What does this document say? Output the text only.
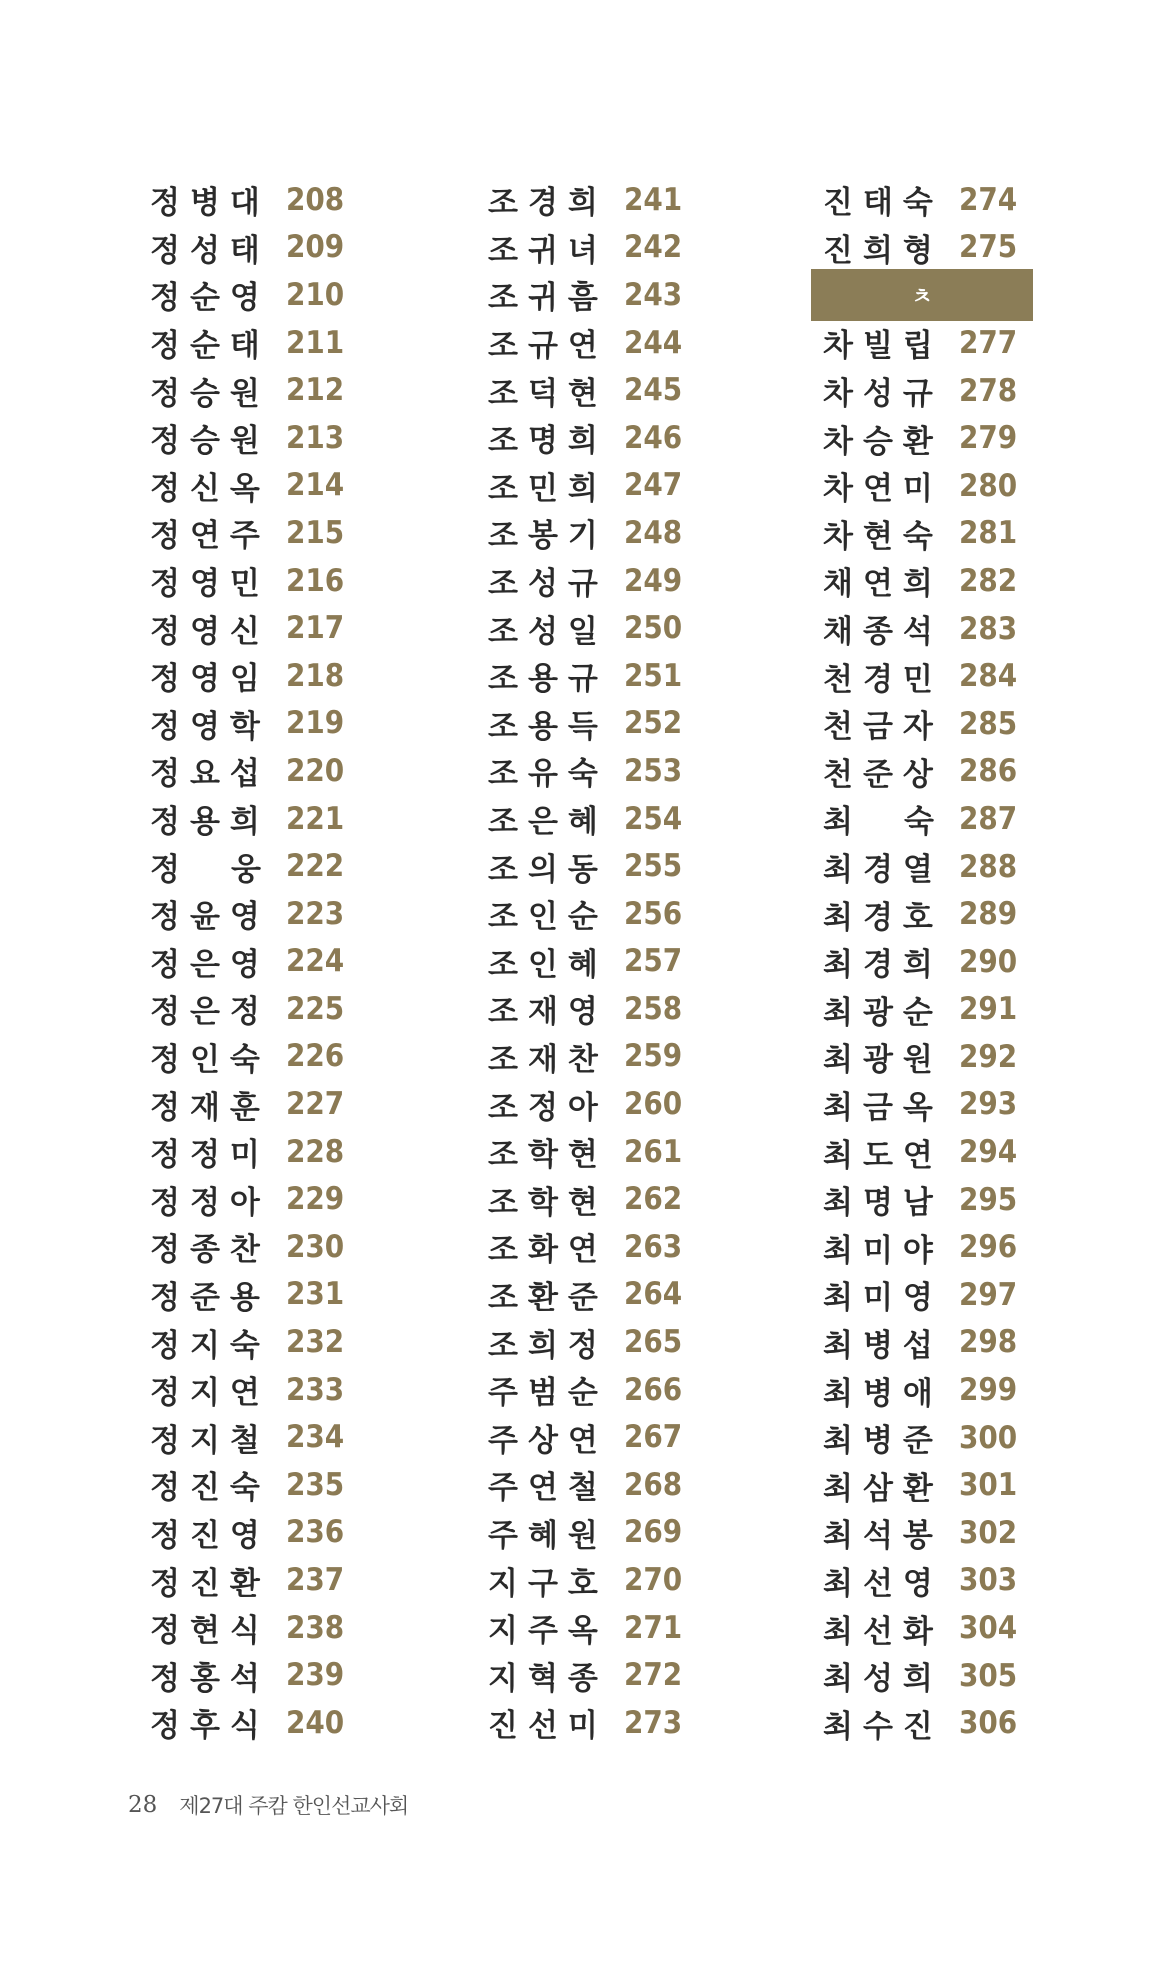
정병대 208
정성태 209
정순영 210
정순태 211
정승원 212
정승원 213
정신옥 214
정연주 215
정영민 216
정영신 217
정영임 218
정영학 219
정요섭 220
정용희 221
정　웅 222
정윤영 223
정은영 224
정은정 225
정인숙 226
정재훈 227
정정미 228
정정아 229
정종찬 230
정준용 231
정지숙 232
정지연 233
정지철 234
정진숙 235
정진영 236
정진환 237
정현식 238
정홍석 239
정후식 240
조경희 241
조귀녀 242
조귀흠 243
조규연 244
조덕현 245
조명희 246
조민희 247
조봉기 248
조성규 249
조성일 250
조용규 251
조용득 252
조유숙 253
조은혜 254
조의동 255
조인순 256
조인혜 257
조재영 258
조재찬 259
조정아 260
조학현 261
조학현 262
조화연 263
조환준 264
조희정 265
주범순 266
주상연 267
주연철 268
주혜원 269
지구호 270
지주옥 271
지혁종 272
진선미 273
진태숙 274
진희형 275
ㅊ
차빌립 277
차성규 278
차승환 279
차연미 280
차현숙 281
채연희 282
채종석 283
천경민 284
천금자 285
천준상 286
최　숙 287
최경열 288
최경호 289
최경희 290
최광순 291
최광원 292
최금옥 293
최도연 294
최명남 295
최미야 296
최미영 297
최병섭 298
최병애 299
최병준 300
최삼환 301
최석봉 302
최선영 303
최선화 304
최성희 305
최수진 306
28 제27대 주캄 한인선교사회
